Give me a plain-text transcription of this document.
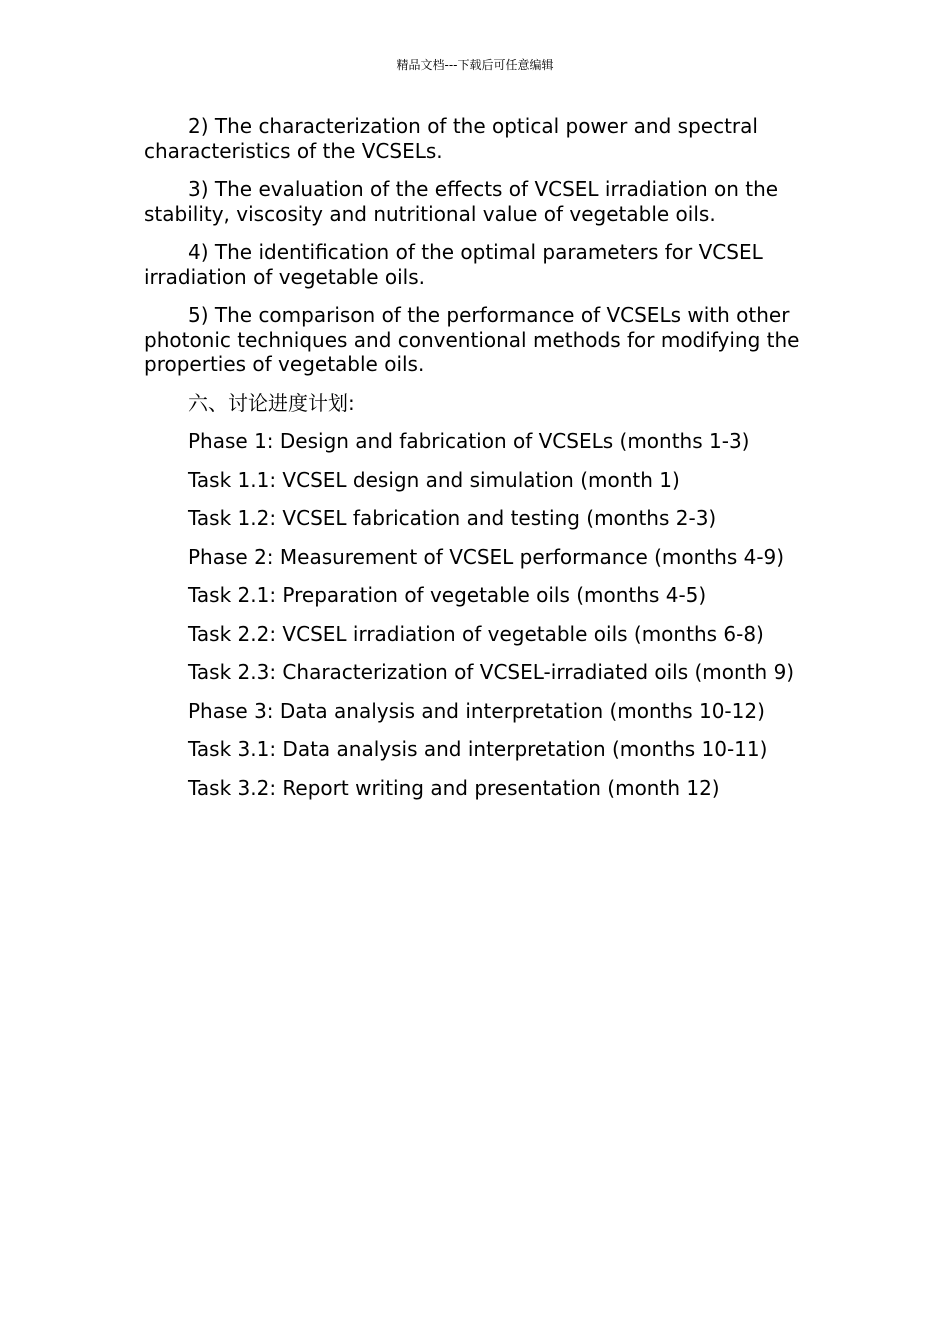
精品文档---下载后可任意编辑

2) The characterization of the optical power and spectral characteristics of the VCSELs.

3) The evaluation of the effects of VCSEL irradiation on the stability, viscosity and nutritional value of vegetable oils.

4) The identification of the optimal parameters for VCSEL irradiation of vegetable oils.

5) The comparison of the performance of VCSELs with other photonic techniques and conventional methods for modifying the properties of vegetable oils.

六、讨论进度计划:

Phase 1: Design and fabrication of VCSELs (months 1-3)

Task 1.1: VCSEL design and simulation (month 1)

Task 1.2: VCSEL fabrication and testing (months 2-3)

Phase 2: Measurement of VCSEL performance (months 4-9)

Task 2.1: Preparation of vegetable oils (months 4-5)

Task 2.2: VCSEL irradiation of vegetable oils (months 6-8)

Task 2.3: Characterization of VCSEL-irradiated oils (month 9)

Phase 3: Data analysis and interpretation (months 10-12)

Task 3.1: Data analysis and interpretation (months 10-11)

Task 3.2: Report writing and presentation (month 12)
